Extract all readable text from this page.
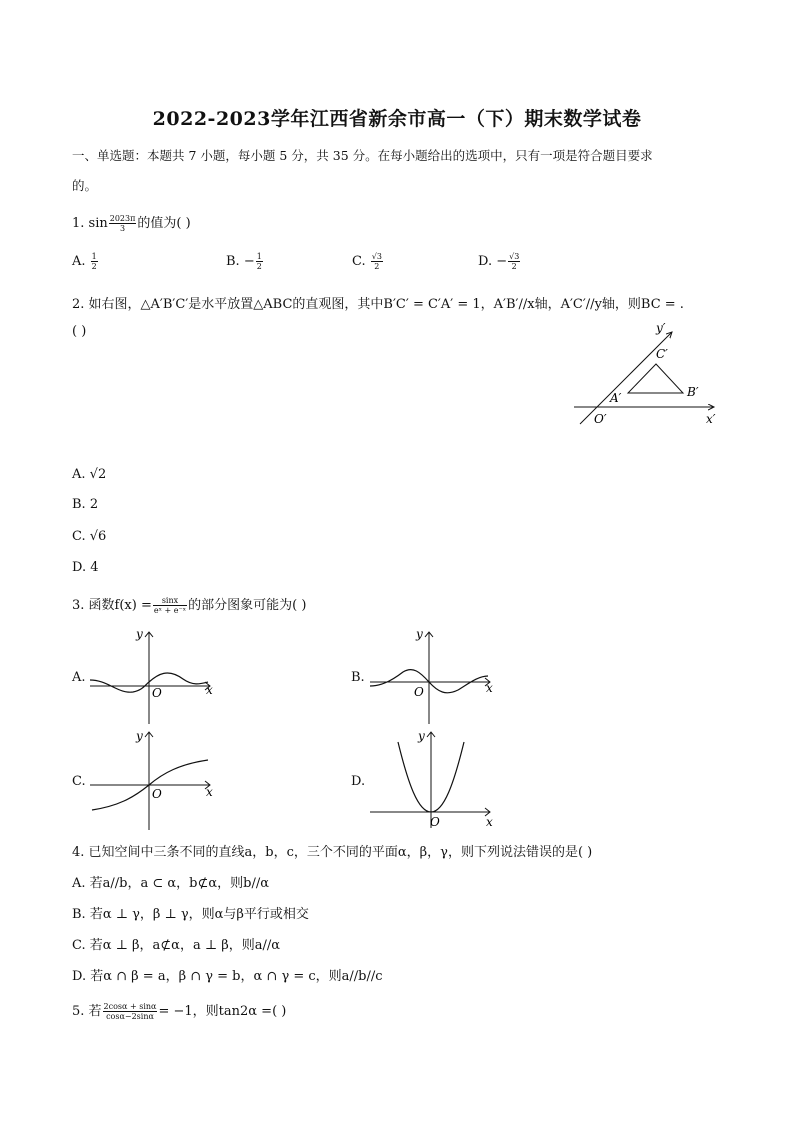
2022-2023学年江西省新余市高一（下）期末数学试卷
一、单选题：本题共 7 小题，每小题 5 分，共 35 分。在每小题给出的选项中，只有一项是符合题目要求
的。
1. $\sin \frac{2023\pi}{3}$ 的值为( )
A. $\frac{1}{2}$	B. − $\frac{1}{2}$	C. $\frac{√3}{2}$	D. − $\frac{√3}{2}$
2. 如右图，△A′B′C′是水平放置△ABC的直观图，其中B′C′ = C′A′ = 1，A′B′//x轴，A′C′//y轴，则BC = .
( )	y′
x′
O′
A′	B′
C′
A. √2
B. 2
C. √6
D. 4
3. 函数$f(x) = \frac{\sin x}{\text{eˣ + e⁻ˣ}}$ 的部分图象可能为( )
A.
y
x
O
B.
y
x
O
C.
y
x
O
D.
y
x
O
4. 已知空间中三条不同的直线a，b，c，三个不同的平面α，β，γ，则下列说法错误的是( )
A. 若a//b，a ⊂ α，b⊄α，则b//α
B. 若α ⊥ γ，β ⊥ γ，则α与β平行或相交
C. 若α ⊥ β，a⊄α，a ⊥ β，则a//α
D. 若α ∩ β = a，β ∩ γ = b，α ∩ γ = c，则a//b//c
5. 若 $\frac{2\cos\alpha + \sin\alpha}{\cos\alpha-2\sin\alpha} = -1$，则tan2α =( )
